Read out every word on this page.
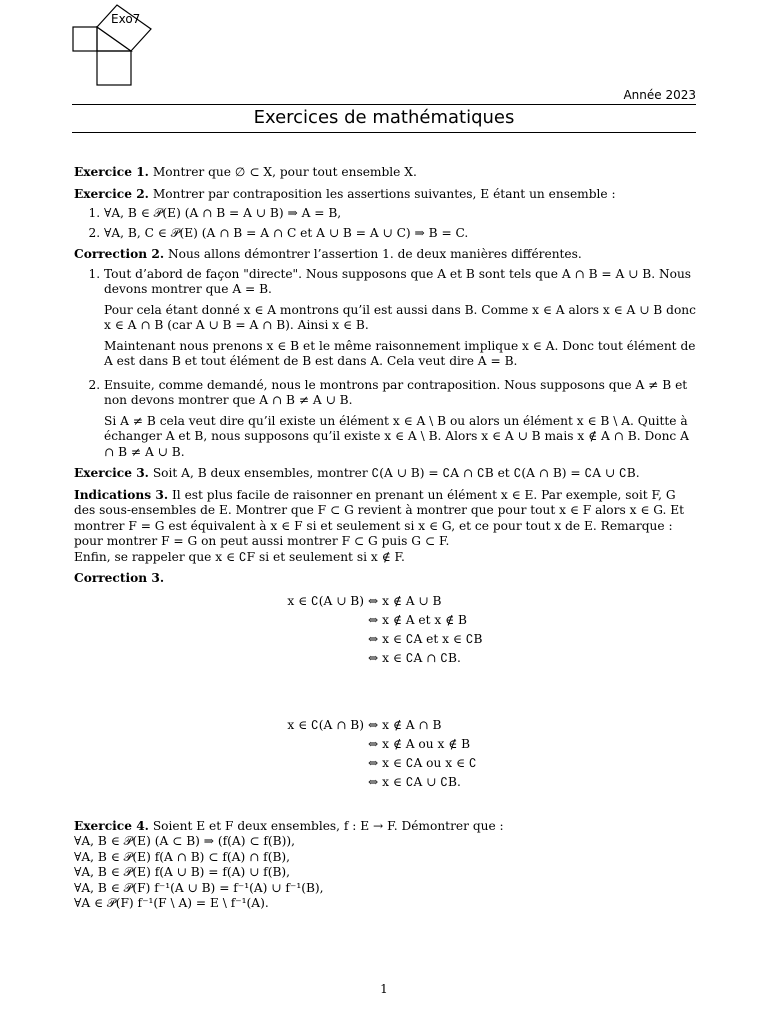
Exo7
Année 2023
Exercices de mathématiques

Exercice 1. Montrer que ∅ ⊂ X, pour tout ensemble X.

Exercice 2. Montrer par contraposition les assertions suivantes, E étant un ensemble :

1. ∀A, B ∈ 𝒫(E) (A ∩ B = A ∪ B) ⇒ A = B,
2. ∀A, B, C ∈ 𝒫(E) (A ∩ B = A ∩ C et A ∪ B = A ∪ C) ⇒ B = C.

Correction 2. Nous allons démontrer l’assertion 1. de deux manières différentes.

1. Tout d’abord de façon "directe". Nous supposons que A et B sont tels que A ∩ B = A ∪ B. Nous devons montrer que A = B.

Pour cela étant donné x ∈ A montrons qu’il est aussi dans B. Comme x ∈ A alors x ∈ A ∪ B donc x ∈ A ∩ B (car A ∪ B = A ∩ B). Ainsi x ∈ B.

Maintenant nous prenons x ∈ B et le même raisonnement implique x ∈ A. Donc tout élément de A est dans B et tout élément de B est dans A. Cela veut dire A = B.

2. Ensuite, comme demandé, nous le montrons par contraposition. Nous supposons que A ≠ B et non devons montrer que A ∩ B ≠ A ∪ B.

Si A ≠ B cela veut dire qu’il existe un élément x ∈ A \ B ou alors un élément x ∈ B \ A. Quitte à échanger A et B, nous supposons qu’il existe x ∈ A \ B. Alors x ∈ A ∪ B mais x ∉ A ∩ B. Donc A ∩ B ≠ A ∪ B.

Exercice 3. Soit A, B deux ensembles, montrer ∁(A ∪ B) = ∁A ∩ ∁B et ∁(A ∩ B) = ∁A ∪ ∁B.

Indications 3. Il est plus facile de raisonner en prenant un élément x ∈ E. Par exemple, soit F, G des sous-ensembles de E. Montrer que F ⊂ G revient à montrer que pour tout x ∈ F alors x ∈ G. Et montrer F = G est équivalent à x ∈ F si et seulement si x ∈ G, et ce pour tout x de E. Remarque : pour montrer F = G on peut aussi montrer F ⊂ G puis G ⊂ F.

Enfin, se rappeler que x ∈ ∁F si et seulement si x ∉ F.

Correction 3.

x ∈ ∁(A ∪ B) ⇔ x ∉ A ∪ B
⇔ x ∉ A et x ∉ B
⇔ x ∈ ∁A et x ∈ ∁B
⇔ x ∈ ∁A ∩ ∁B.
x ∈ ∁(A ∩ B) ⇔ x ∉ A ∩ B
⇔ x ∉ A ou x ∉ B
⇔ x ∈ ∁A ou x ∈ ∁
⇔ x ∈ ∁A ∪ ∁B.

Exercice 4. Soient E et F deux ensembles, f : E → F. Démontrer que :

∀A, B ∈ 𝒫(E) (A ⊂ B) ⇒ (f(A) ⊂ f(B)),
∀A, B ∈ 𝒫(E) f(A ∩ B) ⊂ f(A) ∩ f(B),
∀A, B ∈ 𝒫(E) f(A ∪ B) = f(A) ∪ f(B),
∀A, B ∈ 𝒫(F) f⁻¹(A ∪ B) = f⁻¹(A) ∪ f⁻¹(B),
∀A ∈ 𝒫(F) f⁻¹(F \ A) = E \ f⁻¹(A).
1
